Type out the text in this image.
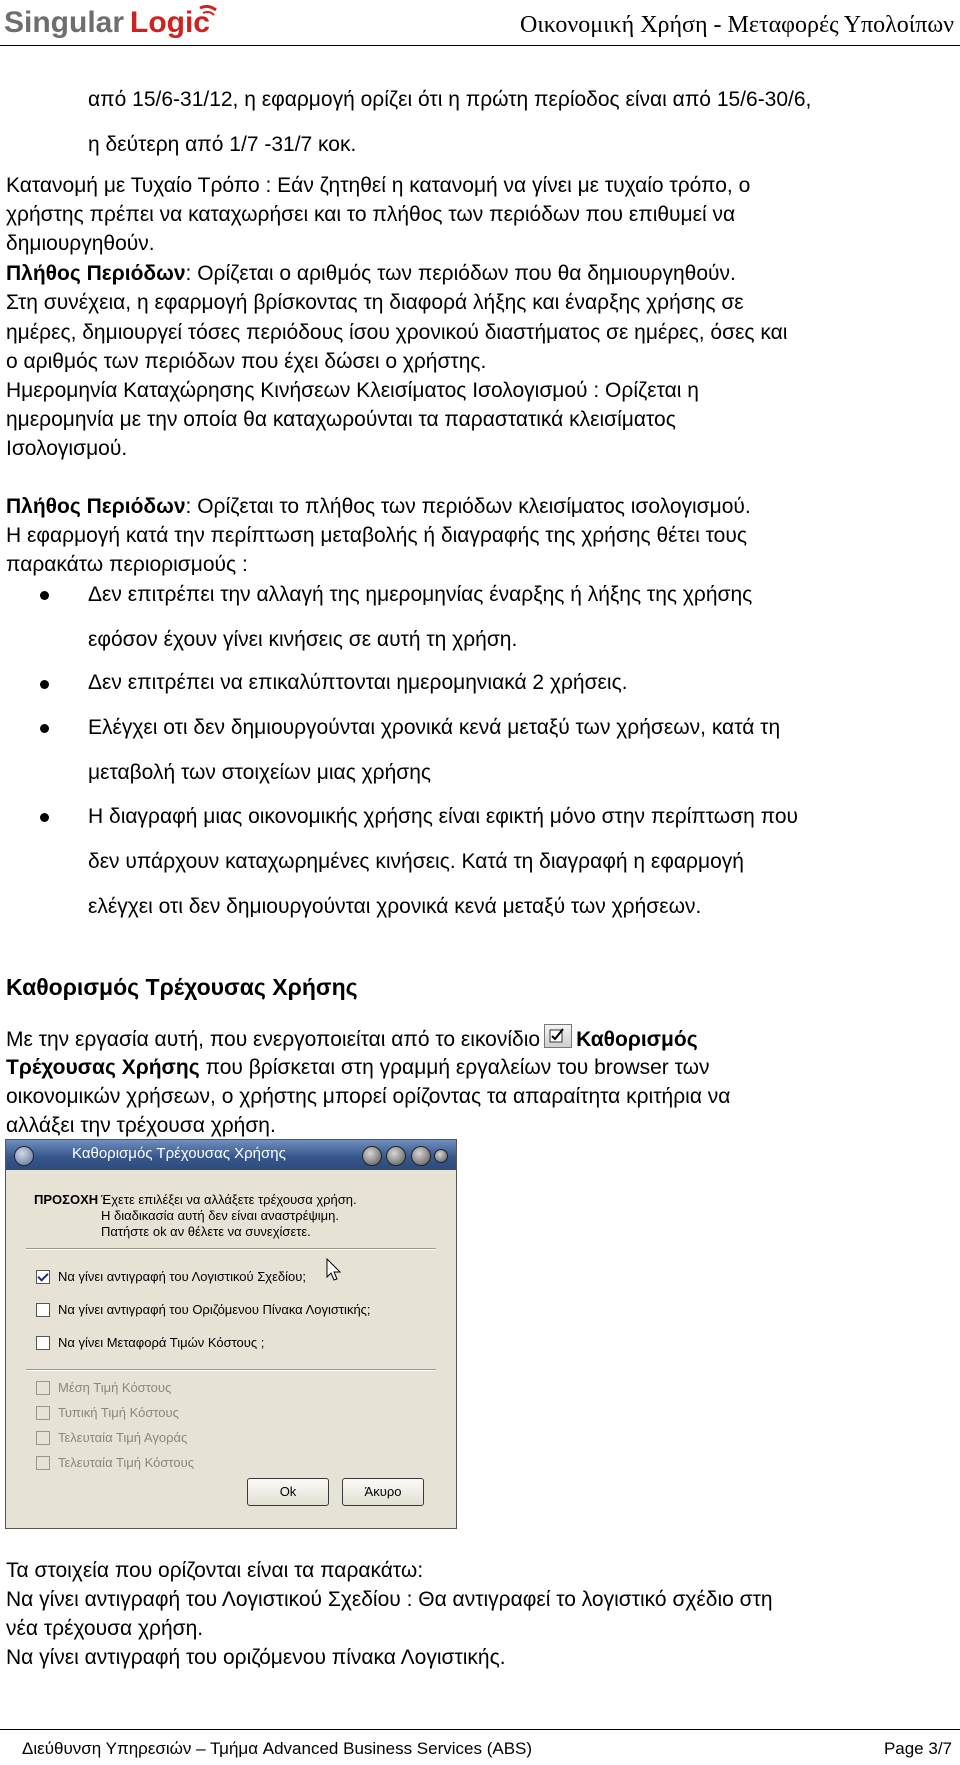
Singular Logic	Οικονομική Χρήση - Μεταφορές Υπολοίπων
από 15/6-31/12, η εφαρμογή ορίζει ότι η πρώτη περίοδος είναι από 15/6-30/6,
η δεύτερη από 1/7 -31/7 κοκ.
Κατανομή με Τυχαίο Τρόπο : Εάν ζητηθεί η κατανομή να γίνει με τυχαίο τρόπο, ο
χρήστης πρέπει να καταχωρήσει και το πλήθος των περιόδων που επιθυμεί να
δημιουργηθούν.
Πλήθος Περιόδων: Ορίζεται ο αριθμός των περιόδων που θα δημιουργηθούν.
Στη συνέχεια, η εφαρμογή βρίσκοντας τη διαφορά λήξης και έναρξης χρήσης σε
ημέρες, δημιουργεί τόσες περιόδους ίσου χρονικού διαστήματος σε ημέρες, όσες και
ο αριθμός των περιόδων που έχει δώσει ο χρήστης.
Ημερομηνία Καταχώρησης Κινήσεων Κλεισίματος Ισολογισμού : Ορίζεται η
ημερομηνία με την οποία θα καταχωρούνται τα παραστατικά κλεισίματος
Ισολογισμού.
Πλήθος Περιόδων: Ορίζεται το πλήθος των περιόδων κλεισίματος ισολογισμού.
Η εφαρμογή κατά την περίπτωση μεταβολής ή διαγραφής της χρήσης θέτει τους
παρακάτω περιορισμούς :
Δεν επιτρέπει την αλλαγή της ημερομηνίας έναρξης ή λήξης της χρήσης
εφόσον έχουν γίνει κινήσεις σε αυτή τη χρήση.
Δεν επιτρέπει να επικαλύπτονται ημερομηνιακά 2 χρήσεις.
Ελέγχει οτι δεν δημιουργούνται χρονικά κενά μεταξύ των χρήσεων, κατά τη
μεταβολή των στοιχείων μιας χρήσης
Η διαγραφή μιας οικονομικής χρήσης είναι εφικτή μόνο στην περίπτωση που
δεν υπάρχουν καταχωρημένες κινήσεις. Κατά τη διαγραφή η εφαρμογή
ελέγχει οτι δεν δημιουργούνται χρονικά κενά μεταξύ των χρήσεων.
Καθορισμός Τρέχουσας Χρήσης
Με την εργασία αυτή, που ενεργοποιείται από το εικονίδιο Καθορισμός
Τρέχουσας Χρήσης που βρίσκεται στη γραμμή εργαλείων του browser των
οικονομικών χρήσεων, ο χρήστης μπορεί ορίζοντας τα απαραίτητα κριτήρια να
αλλάξει την τρέχουσα χρήση.
Καθορισμός Τρέχουσας Χρήσης
ΠΡΟΣΟΧΗ :
Έχετε επιλέξει να αλλάξετε τρέχουσα χρήση.
Η διαδικασία αυτή δεν είναι αναστρέψιμη.
Πατήστε ok αν θέλετε να συνεχίσετε.
Να γίνει αντιγραφή του Λογιστικού Σχεδίου;
Να γίνει αντιγραφή του Οριζόμενου Πίνακα Λογιστικής;
Να γίνει Μεταφορά Τιμών Κόστους ;
Μέση Τιμή Κόστους
Τυπική Τιμή Κόστους
Τελευταία Τιμή Αγοράς
Τελευταία Τιμή Κόστους
Ok	Άκυρο
Τα στοιχεία που ορίζονται είναι τα παρακάτω:
Να γίνει αντιγραφή του Λογιστικού Σχεδίου : Θα αντιγραφεί το λογιστικό σχέδιο στη
νέα τρέχουσα χρήση.
Να γίνει αντιγραφή του οριζόμενου πίνακα Λογιστικής.
Διεύθυνση Υπηρεσιών – Τμήμα Advanced Business Services (ABS)	Page 3/7
